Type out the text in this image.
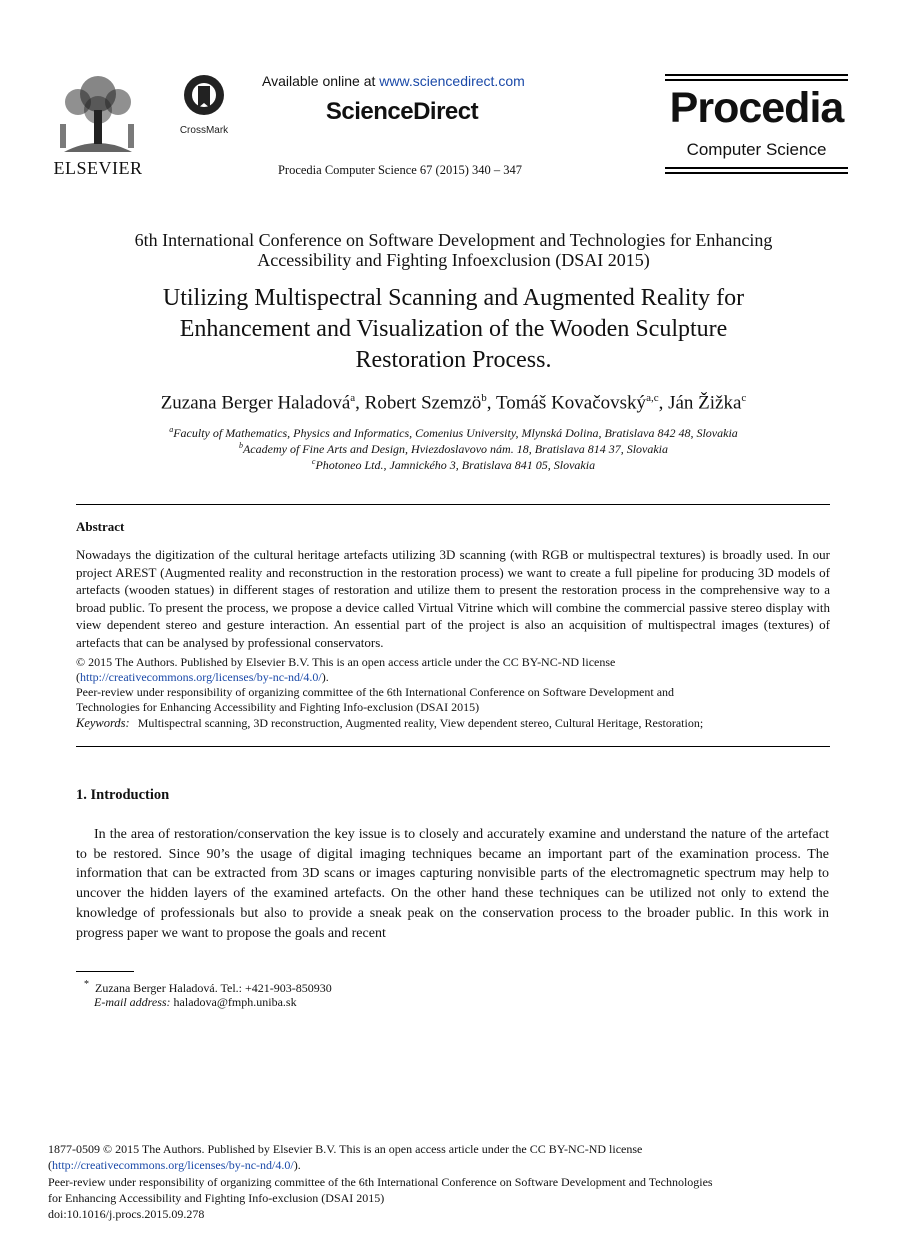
ELSEVIER
CrossMark
Available online at www.sciencedirect.com
ScienceDirect
Procedia Computer Science 67 (2015) 340 – 347
Procedia
Computer Science
6th International Conference on Software Development and Technologies for Enhancing
Accessibility and Fighting Infoexclusion (DSAI 2015)
Utilizing Multispectral Scanning and Augmented Reality for
Enhancement and Visualization of the Wooden Sculpture
Restoration Process.
Zuzana Berger Haladová$^a$, Robert Szemzö$^b$, Tomáš Kovačovský$^{a,c}$, Ján Žižka$^c$
$^a$Faculty of Mathematics, Physics and Informatics, Comenius University, Mlynská Dolina, Bratislava 842 48, Slovakia
$^b$Academy of Fine Arts and Design, Hviezdoslavovo nám. 18, Bratislava 814 37, Slovakia
$^c$Photoneo Ltd., Jamnického 3, Bratislava 841 05, Slovakia
Abstract
Nowadays the digitization of the cultural heritage artefacts utilizing 3D scanning (with RGB or multispectral textures) is broadly used. In our project AREST (Augmented reality and reconstruction in the restoration process) we want to create a full pipeline for producing 3D models of artefacts (wooden statues) in different stages of restoration and utilize them to present the restoration process in the comprehensive way to a broad public. To present the process, we propose a device called Virtual Vitrine which will combine the commercial passive stereo display with view dependent stereo and gesture interaction. An essential part of the project is also an acquisition of multispectral images (textures) of artefacts that can be analysed by professional conservators.
© 2015 The Authors. Published by Elsevier B.V. This is an open access article under the CC BY-NC-ND license
(http://creativecommons.org/licenses/by-nc-nd/4.0/).
Peer-review under responsibility of organizing committee of the 6th International Conference on Software Development and
Technologies for Enhancing Accessibility and Fighting Info-exclusion (DSAI 2015)
Keywords: Multispectral scanning, 3D reconstruction, Augmented reality, View dependent stereo, Cultural Heritage, Restoration;
1. Introduction
In the area of restoration/conservation the key issue is to closely and accurately examine and understand the nature of the artefact to be restored. Since 90’s the usage of digital imaging techniques became an important part of the examination process. The information that can be extracted from 3D scans or images capturing nonvisible parts of the electromagnetic spectrum may help to uncover the hidden layers of the examined artefacts. On the other hand these techniques can be utilized not only to extend the knowledge of professionals but also to provide a sneak peak on the conservation process to the broader public. In this work in progress paper we want to propose the goals and recent
* Zuzana Berger Haladová. Tel.: +421-903-850930
E-mail address: haladova@fmph.uniba.sk
1877-0509 © 2015 The Authors. Published by Elsevier B.V. This is an open access article under the CC BY-NC-ND license
(http://creativecommons.org/licenses/by-nc-nd/4.0/).
Peer-review under responsibility of organizing committee of the 6th International Conference on Software Development and Technologies
for Enhancing Accessibility and Fighting Info-exclusion (DSAI 2015)
doi:10.1016/j.procs.2015.09.278
